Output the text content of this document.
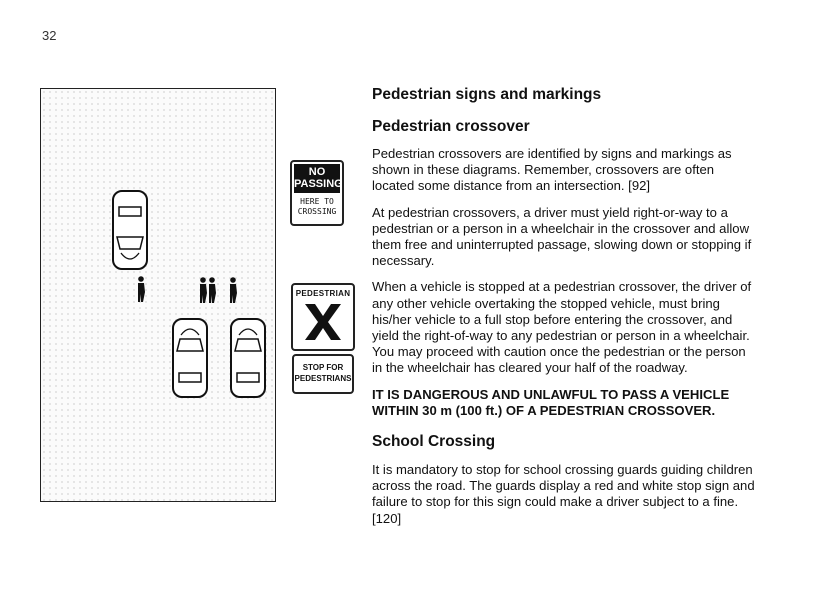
32
NO PASSING
HERE TO CROSSING
PEDESTRIAN
STOP FOR PEDESTRIANS
Pedestrian signs and markings
Pedestrian crossover

Pedestrian crossovers are identified by signs and markings as shown in these diagrams. Remember, crossovers are often located some distance from an intersection. [92]

At pedestrian crossovers, a driver must yield right-or-way to a pedestrian or a person in a wheelchair in the crossover and allow them free and uninterrupted passage, slowing down or stopping if necessary.

When a vehicle is stopped at a pedestrian crossover, the driver of any other vehicle overtaking the stopped vehicle, must bring his/her vehicle to a full stop before entering the crossover, and yield the right-of-way to any pedestrian or person in a wheelchair. You may proceed with caution once the pedestrian or the person in the wheelchair has cleared your half of the roadway.

IT IS DANGEROUS AND UNLAWFUL TO PASS A VEHICLE WITHIN 30 m (100 ft.) OF A PEDESTRIAN CROSSOVER.

School Crossing

It is mandatory to stop for school crossing guards guiding children across the road. The guards display a red and white stop sign and failure to stop for this sign could make a driver subject to a fine. [120]
